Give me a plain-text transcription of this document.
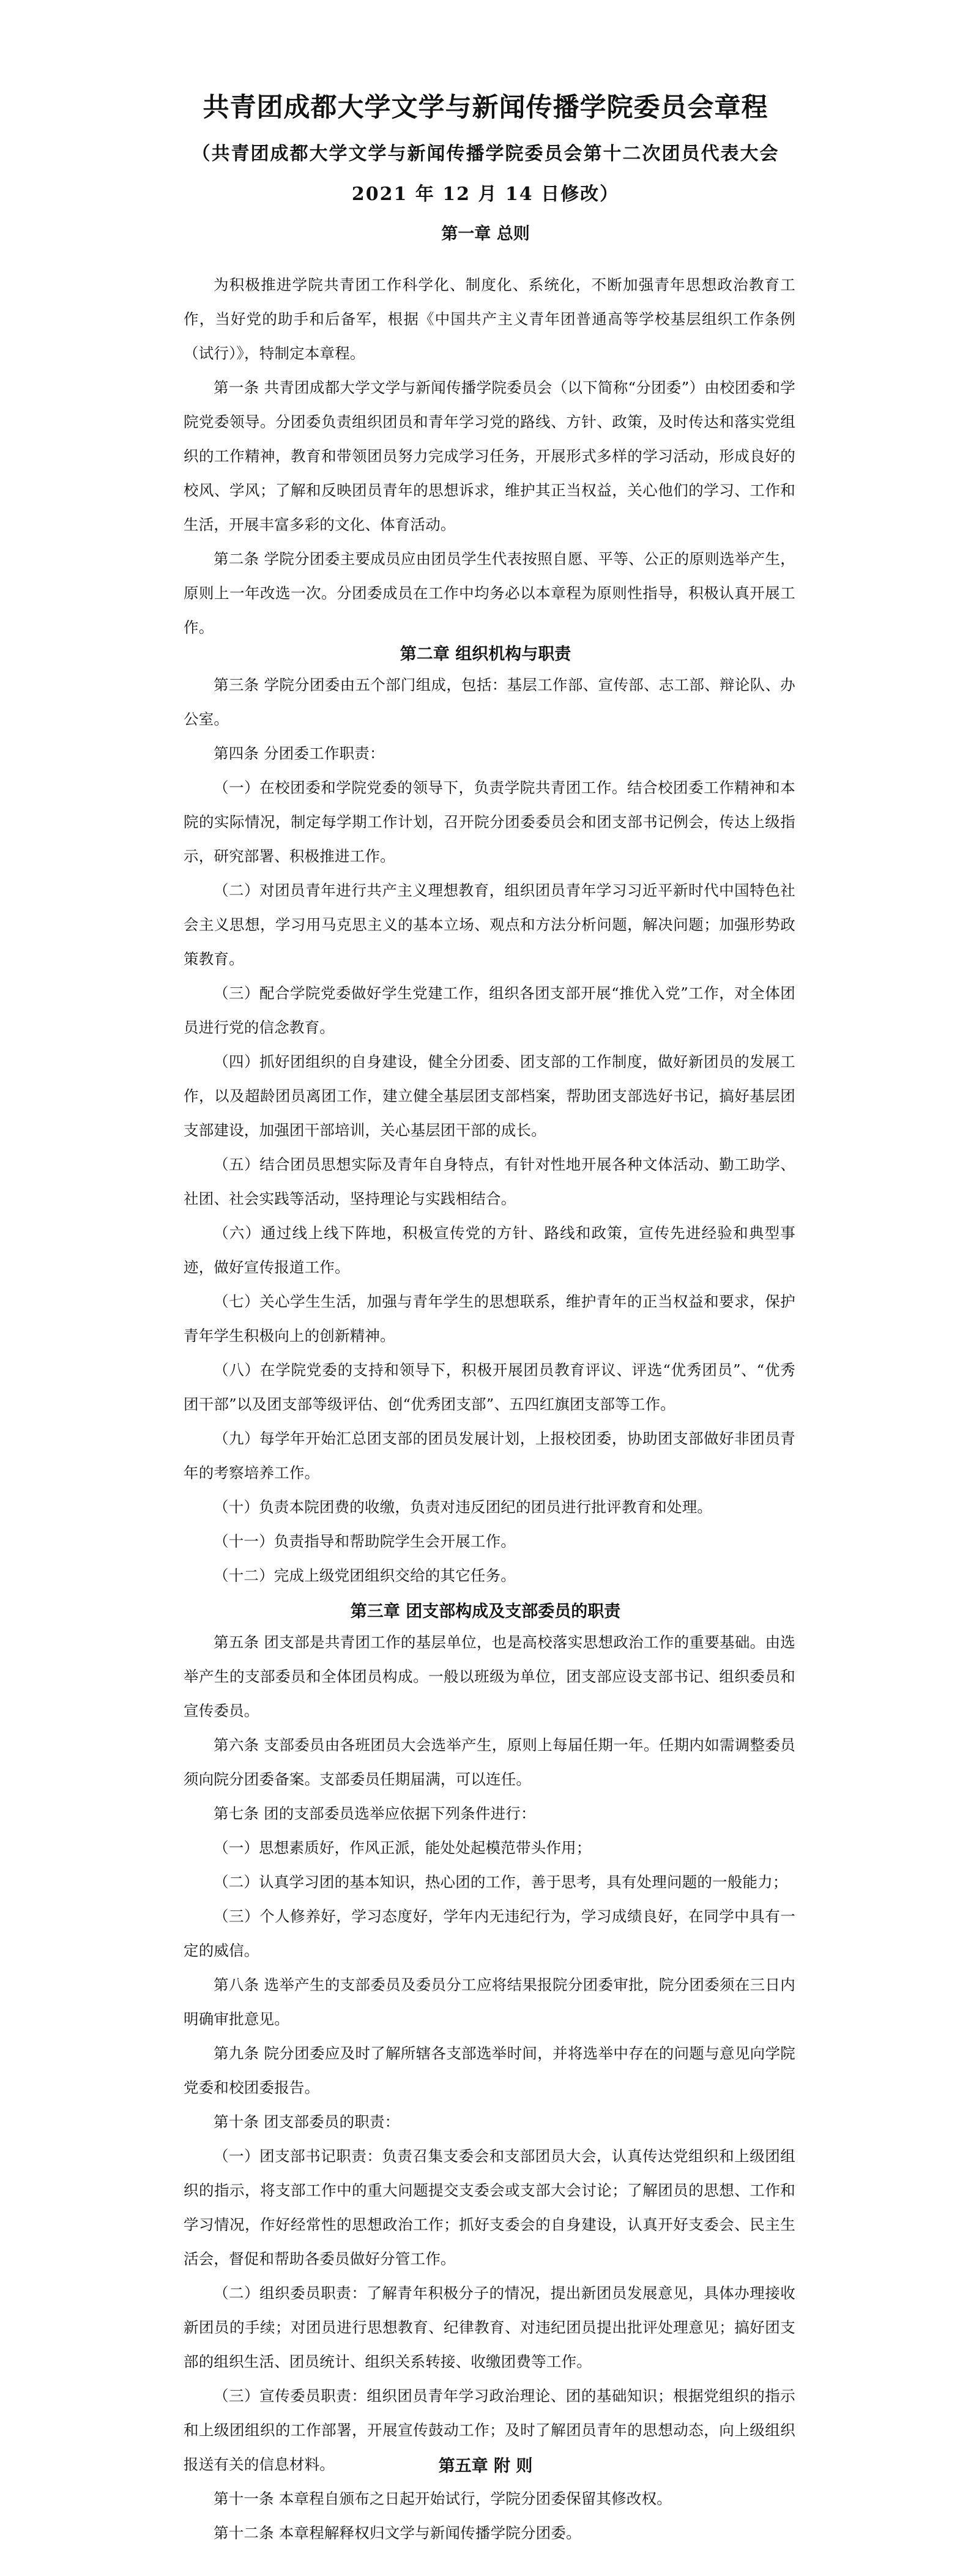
共青团成都大学文学与新闻传播学院委员会章程
（共青团成都大学文学与新闻传播学院委员会第十二次团员代表大会
2021 年 12 月 14 日修改）
第一章 总则

为积极推进学院共青团工作科学化、制度化、系统化，不断加强青年思想政治教育工作，当好党的助手和后备军，根据《中国共产主义青年团普通高等学校基层组织工作条例（试行）》，特制定本章程。

第一条 共青团成都大学文学与新闻传播学院委员会（以下简称“分团委”）由校团委和学院党委领导。分团委负责组织团员和青年学习党的路线、方针、政策，及时传达和落实党组织的工作精神，教育和带领团员努力完成学习任务，开展形式多样的学习活动，形成良好的校风、学风；了解和反映团员青年的思想诉求，维护其正当权益，关心他们的学习、工作和生活，开展丰富多彩的文化、体育活动。

第二条 学院分团委主要成员应由团员学生代表按照自愿、平等、公正的原则选举产生，原则上一年改选一次。分团委成员在工作中均务必以本章程为原则性指导，积极认真开展工作。

第二章 组织机构与职责

第三条 学院分团委由五个部门组成，包括：基层工作部、宣传部、志工部、辩论队、办公室。

第四条 分团委工作职责：

（一）在校团委和学院党委的领导下，负责学院共青团工作。结合校团委工作精神和本院的实际情况，制定每学期工作计划，召开院分团委委员会和团支部书记例会，传达上级指示，研究部署、积极推进工作。

（二）对团员青年进行共产主义理想教育，组织团员青年学习习近平新时代中国特色社会主义思想，学习用马克思主义的基本立场、观点和方法分析问题，解决问题；加强形势政策教育。

（三）配合学院党委做好学生党建工作，组织各团支部开展“推优入党”工作，对全体团员进行党的信念教育。

（四）抓好团组织的自身建设，健全分团委、团支部的工作制度，做好新团员的发展工作，以及超龄团员离团工作，建立健全基层团支部档案，帮助团支部选好书记，搞好基层团支部建设，加强团干部培训，关心基层团干部的成长。

（五）结合团员思想实际及青年自身特点，有针对性地开展各种文体活动、勤工助学、社团、社会实践等活动，坚持理论与实践相结合。

（六）通过线上线下阵地，积极宣传党的方针、路线和政策，宣传先进经验和典型事迹，做好宣传报道工作。

（七）关心学生生活，加强与青年学生的思想联系，维护青年的正当权益和要求，保护青年学生积极向上的创新精神。

（八）在学院党委的支持和领导下，积极开展团员教育评议、评选“优秀团员”、“优秀团干部”以及团支部等级评估、创“优秀团支部”、五四红旗团支部等工作。

（九）每学年开始汇总团支部的团员发展计划，上报校团委，协助团支部做好非团员青年的考察培养工作。

（十）负责本院团费的收缴，负责对违反团纪的团员进行批评教育和处理。

（十一）负责指导和帮助院学生会开展工作。

（十二）完成上级党团组织交给的其它任务。

第三章 团支部构成及支部委员的职责

第五条 团支部是共青团工作的基层单位，也是高校落实思想政治工作的重要基础。由选举产生的支部委员和全体团员构成。一般以班级为单位，团支部应设支部书记、组织委员和宣传委员。

第六条 支部委员由各班团员大会选举产生，原则上每届任期一年。任期内如需调整委员须向院分团委备案。支部委员任期届满，可以连任。

第七条 团的支部委员选举应依据下列条件进行：

（一）思想素质好，作风正派，能处处起模范带头作用；

（二）认真学习团的基本知识，热心团的工作，善于思考，具有处理问题的一般能力；

（三）个人修养好，学习态度好，学年内无违纪行为，学习成绩良好，在同学中具有一定的威信。

第八条 选举产生的支部委员及委员分工应将结果报院分团委审批，院分团委须在三日内明确审批意见。

第九条 院分团委应及时了解所辖各支部选举时间，并将选举中存在的问题与意见向学院党委和校团委报告。

第十条 团支部委员的职责：

（一）团支部书记职责：负责召集支委会和支部团员大会，认真传达党组织和上级团组织的指示，将支部工作中的重大问题提交支委会或支部大会讨论；了解团员的思想、工作和学习情况，作好经常性的思想政治工作；抓好支委会的自身建设，认真开好支委会、民主生活会，督促和帮助各委员做好分管工作。

（二）组织委员职责：了解青年积极分子的情况，提出新团员发展意见，具体办理接收新团员的手续；对团员进行思想教育、纪律教育、对违纪团员提出批评处理意见；搞好团支部的组织生活、团员统计、组织关系转接、收缴团费等工作。

（三）宣传委员职责：组织团员青年学习政治理论、团的基础知识；根据党组织的指示和上级团组织的工作部署，开展宣传鼓动工作；及时了解团员青年的思想动态，向上级组织报送有关的信息材料。	第五章 附 则

第十一条 本章程自颁布之日起开始试行，学院分团委保留其修改权。

第十二条 本章程解释权归文学与新闻传播学院分团委。
